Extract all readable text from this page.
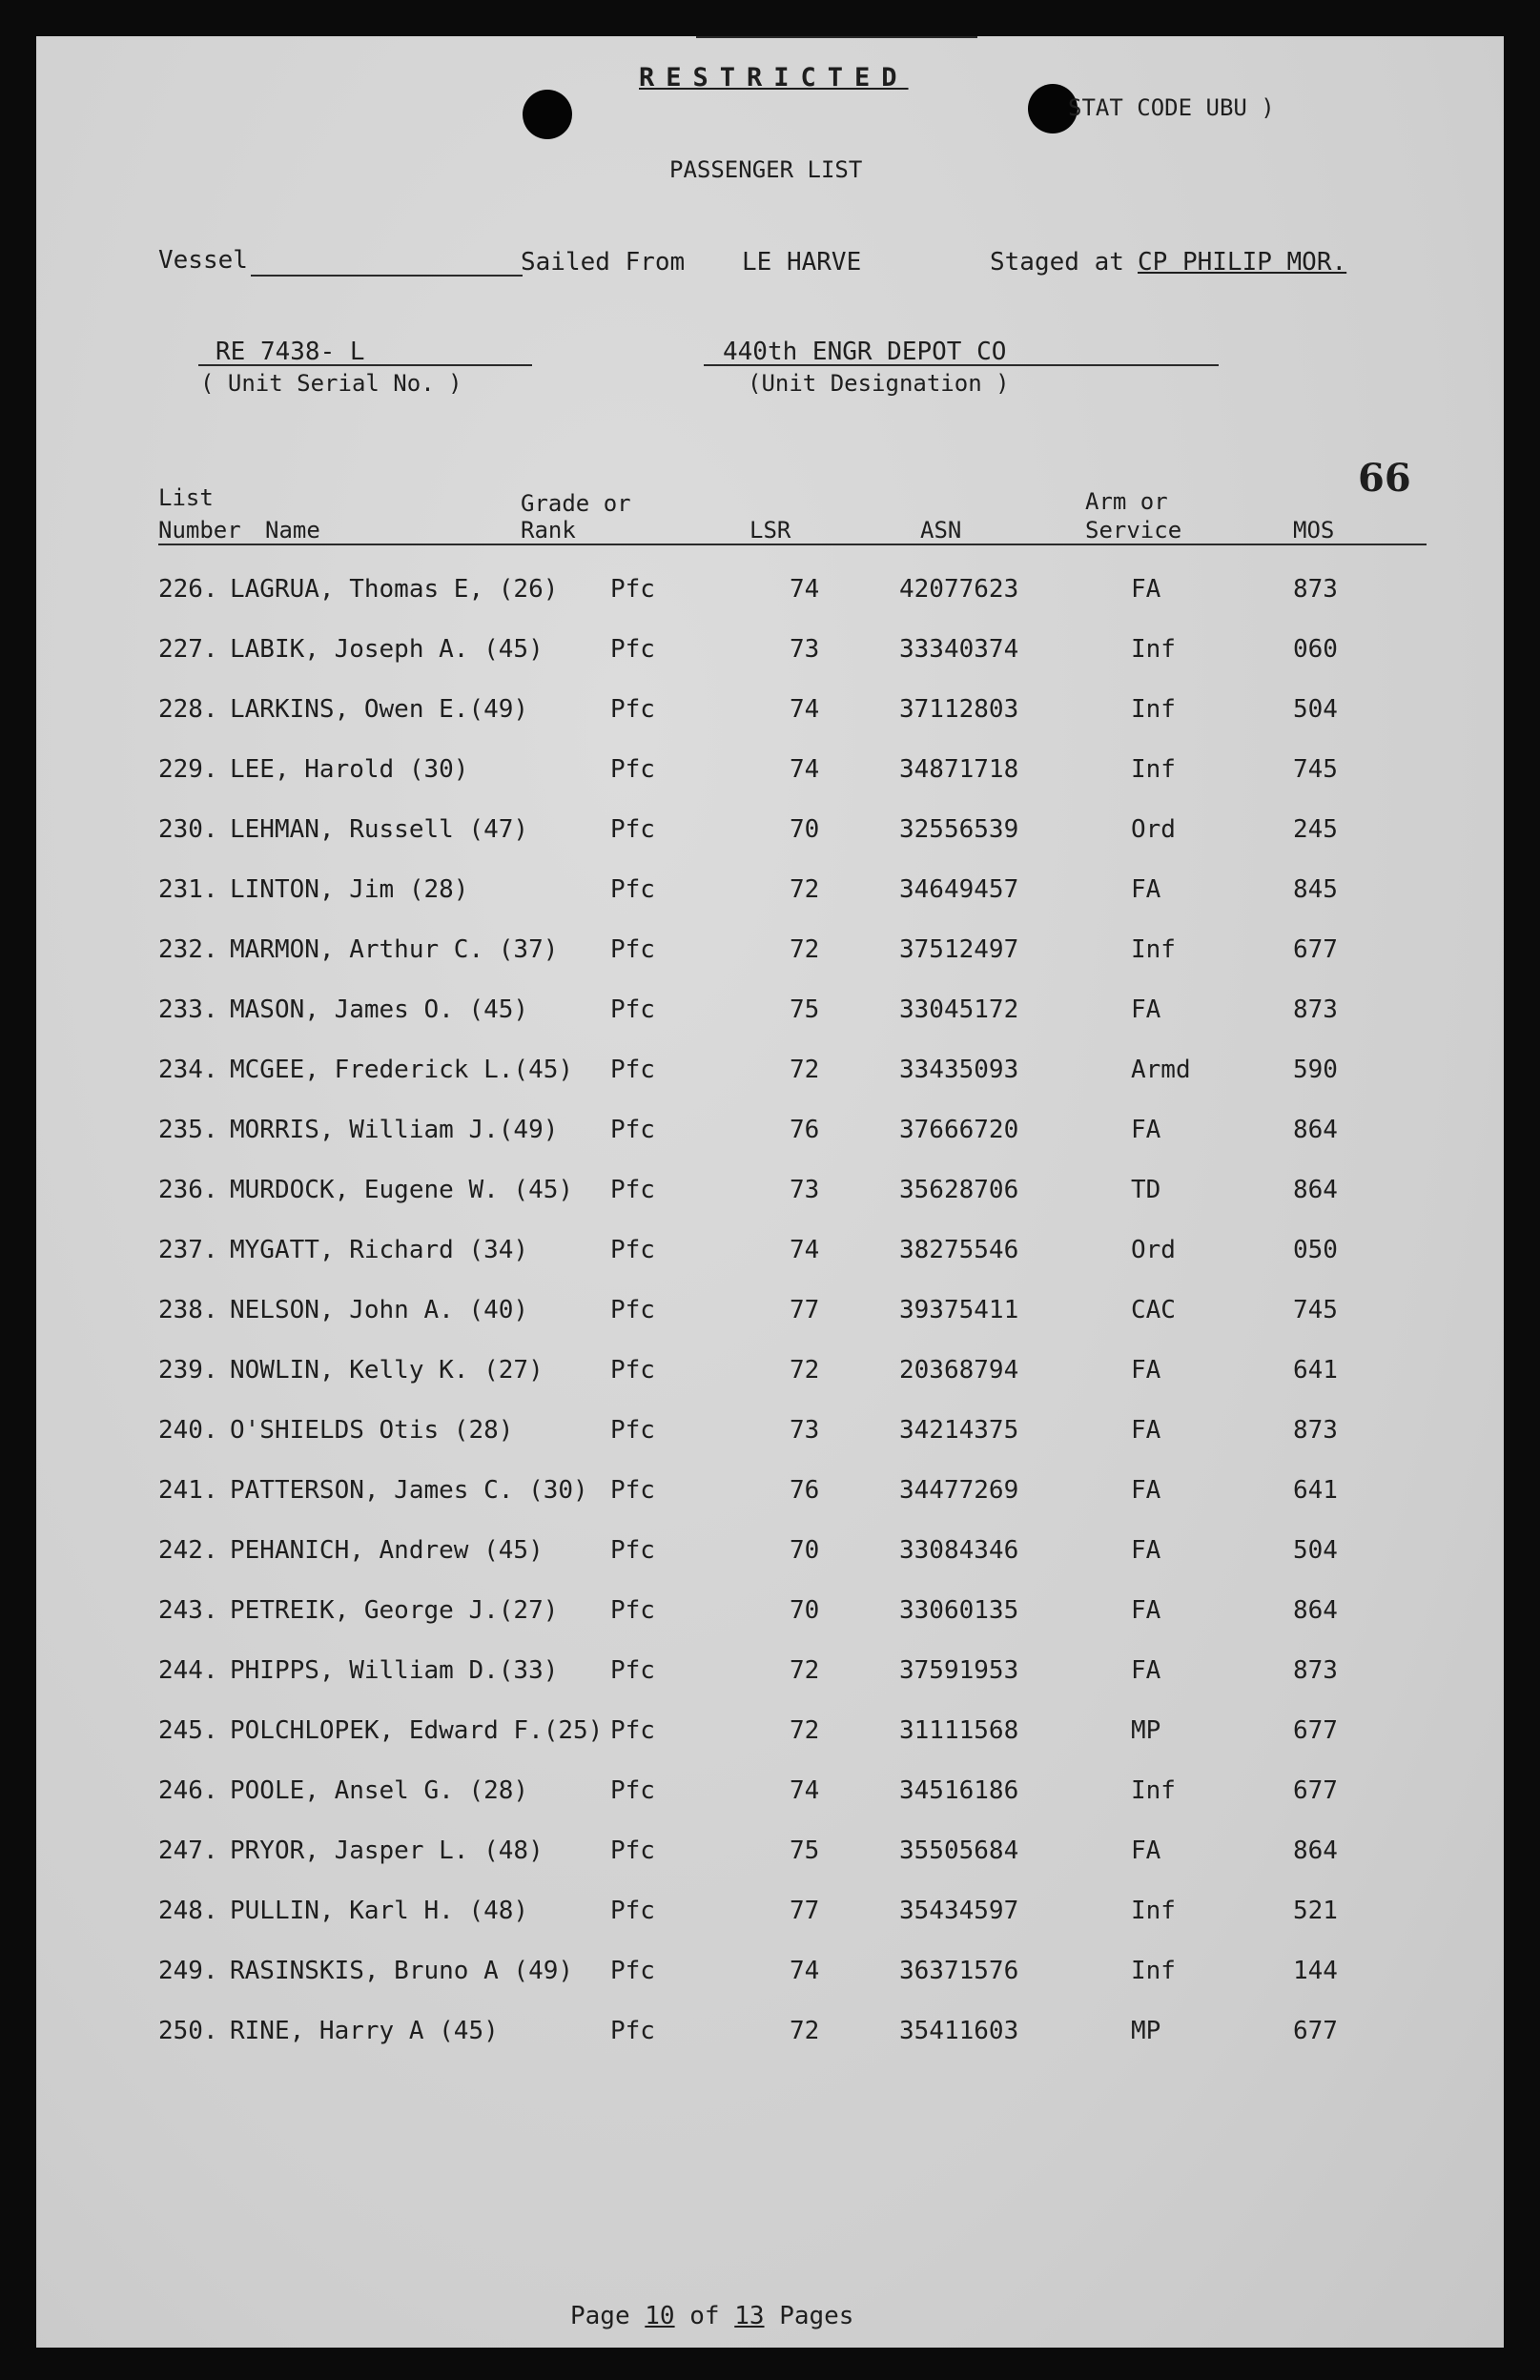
RESTRICTED
STAT CODE UBU )
PASSENGER LIST
Vessel	Sailed From LE HARVE	Staged at CP PHILIP MOR.
RE 7438- L
( Unit Serial No. )
440th ENGR DEPOT CO
(Unit Designation )
66
List
Number Name
Grade or
Rank	LSR	ASN
Arm or
Service	MOS
226. LAGRUA, Thomas E, (26) Pfc	74	42077623	FA	873
227. LABIK, Joseph A. (45)	Pfc	73	33340374	Inf	060
228. LARKINS, Owen E.(49)	Pfc	74	37112803	Inf	504
229. LEE, Harold (30)	Pfc	74	34871718	Inf	745
230. LEHMAN, Russell (47)	Pfc	70	32556539	Ord	245
231. LINTON, Jim (28)	Pfc	72	34649457	FA	845
232. MARMON, Arthur C. (37) Pfc	72	37512497	Inf	677
233. MASON, James O. (45)	Pfc	75	33045172	FA	873
234. MCGEE, Frederick L.(45) Pfc	72	33435093	Armd	590
235. MORRIS, William J.(49) Pfc	76	37666720	FA	864
236. MURDOCK, Eugene W. (45) Pfc	73	35628706	TD	864
237. MYGATT, Richard (34)	Pfc	74	38275546	Ord	050
238. NELSON, John A. (40)	Pfc	77	39375411	CAC	745
239. NOWLIN, Kelly K. (27)	Pfc	72	20368794	FA	641
240. O'SHIELDS Otis (28)	Pfc	73	34214375	FA	873
241. PATTERSON, James C. (30) Pfc	76	34477269	FA	641
242. PEHANICH, Andrew (45)	Pfc	70	33084346	FA	504
243. PETREIK, George J.(27) Pfc	70	33060135	FA	864
244. PHIPPS, William D.(33) Pfc	72	37591953	FA	873
245. POLCHLOPEK, Edward F.(25) Pfc	72	31111568	MP	677
246. POOLE, Ansel G. (28)	Pfc	74	34516186	Inf	677
247. PRYOR, Jasper L. (48)	Pfc	75	35505684	FA	864
248. PULLIN, Karl H. (48)	Pfc	77	35434597	Inf	521
249. RASINSKIS, Bruno A (49) Pfc	74	36371576	Inf	144
250. RINE, Harry A (45)	Pfc	72	35411603	MP	677
Page 10 of 13 Pages
